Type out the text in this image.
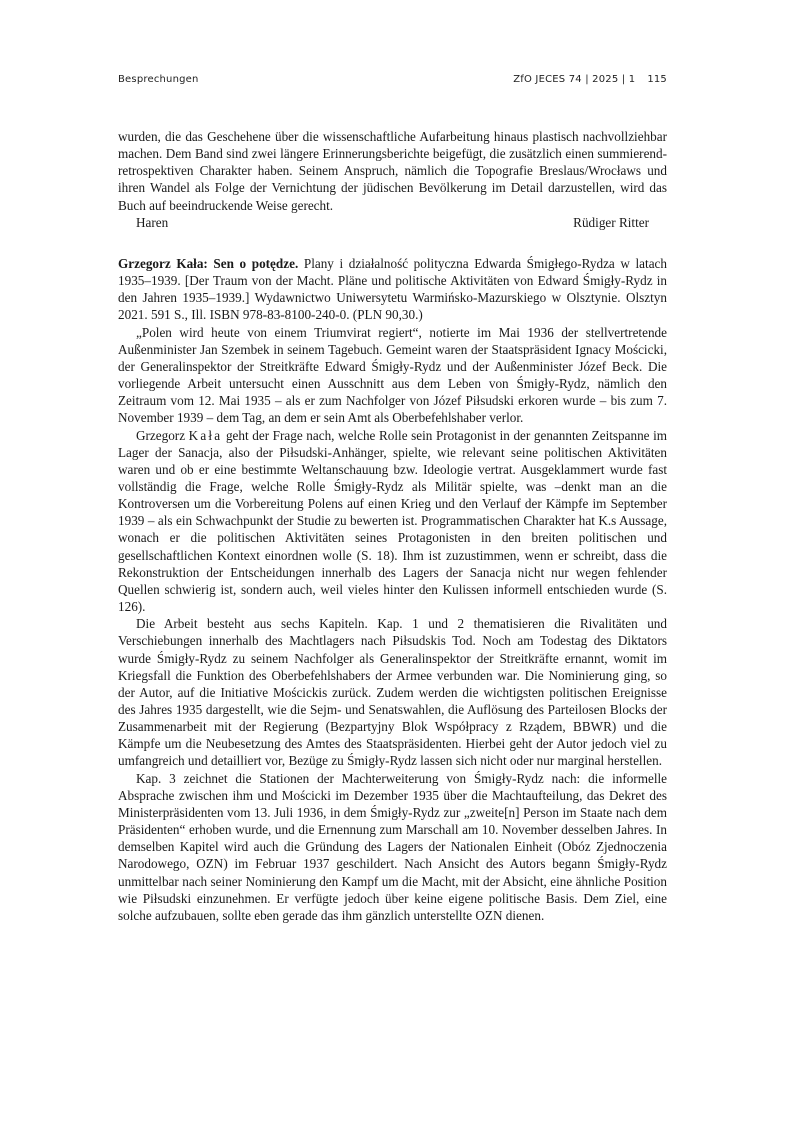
Besprechungen	ZfO JECES 74 | 2025 | 1 115

wurden, die das Geschehene über die wissenschaftliche Aufarbeitung hinaus plastisch nachvollziehbar machen. Dem Band sind zwei längere Erinnerungsberichte beigefügt, die zusätzlich einen summierend-retrospektiven Charakter haben. Seinem Anspruch, nämlich die Topografie Breslaus/Wrocławs und ihren Wandel als Folge der Vernichtung der jüdischen Bevölkerung im Detail darzustellen, wird das Buch auf beeindruckende Weise gerecht.

Haren	Rüdiger Ritter

Grzegorz Kała: Sen o potędze. Plany i działalność polityczna Edwarda Śmigłego-Rydza w latach 1935–1939. [Der Traum von der Macht. Pläne und politische Aktivitäten von Edward Śmigły-Rydz in den Jahren 1935–1939.] Wydawnictwo Uniwersytetu Warmińsko-Mazurskiego w Olsztynie. Olsztyn 2021. 591 S., Ill. ISBN 978-83-8100-240-0. (PLN 90,30.)

„Polen wird heute von einem Triumvirat regiert“, notierte im Mai 1936 der stellvertretende Außenminister Jan Szembek in seinem Tagebuch. Gemeint waren der Staatspräsident Ignacy Mościcki, der Generalinspektor der Streitkräfte Edward Śmigły-Rydz und der Außenminister Józef Beck. Die vorliegende Arbeit untersucht einen Ausschnitt aus dem Leben von Śmigły-Rydz, nämlich den Zeitraum vom 12. Mai 1935 – als er zum Nachfolger von Józef Piłsudski erkoren wurde – bis zum 7. November 1939 – dem Tag, an dem er sein Amt als Oberbefehlshaber verlor.

Grzegorz Kała geht der Frage nach, welche Rolle sein Protagonist in der genannten Zeitspanne im Lager der Sanacja, also der Piłsudski-Anhänger, spielte, wie relevant seine politischen Aktivitäten waren und ob er eine bestimmte Weltanschauung bzw. Ideologie vertrat. Ausgeklammert wurde fast vollständig die Frage, welche Rolle Śmigły-Rydz als Militär spielte, was –denkt man an die Kontroversen um die Vorbereitung Polens auf einen Krieg und den Verlauf der Kämpfe im September 1939 – als ein Schwachpunkt der Studie zu bewerten ist. Programmatischen Charakter hat K.s Aussage, wonach er die politischen Aktivitäten seines Protagonisten in den breiten politischen und gesellschaftlichen Kontext einordnen wolle (S. 18). Ihm ist zuzustimmen, wenn er schreibt, dass die Rekonstruktion der Entscheidungen innerhalb des Lagers der Sanacja nicht nur wegen fehlender Quellen schwierig ist, sondern auch, weil vieles hinter den Kulissen informell entschieden wurde (S. 126).

Die Arbeit besteht aus sechs Kapiteln. Kap. 1 und 2 thematisieren die Rivalitäten und Verschiebungen innerhalb des Machtlagers nach Piłsudskis Tod. Noch am Todestag des Diktators wurde Śmigły-Rydz zu seinem Nachfolger als Generalinspektor der Streitkräfte ernannt, womit im Kriegsfall die Funktion des Oberbefehlshabers der Armee verbunden war. Die Nominierung ging, so der Autor, auf die Initiative Mościckis zurück. Zudem werden die wichtigsten politischen Ereignisse des Jahres 1935 dargestellt, wie die Sejm- und Senatswahlen, die Auflösung des Parteilosen Blocks der Zusammenarbeit mit der Regierung (Bezpartyjny Blok Współpracy z Rządem, BBWR) und die Kämpfe um die Neubesetzung des Amtes des Staatspräsidenten. Hierbei geht der Autor jedoch viel zu umfangreich und detailliert vor, Bezüge zu Śmigły-Rydz lassen sich nicht oder nur marginal herstellen.

Kap. 3 zeichnet die Stationen der Machterweiterung von Śmigły-Rydz nach: die informelle Absprache zwischen ihm und Mościcki im Dezember 1935 über die Machtaufteilung, das Dekret des Ministerpräsidenten vom 13. Juli 1936, in dem Śmigły-Rydz zur „zweite[n] Person im Staate nach dem Präsidenten“ erhoben wurde, und die Ernennung zum Marschall am 10. November desselben Jahres. In demselben Kapitel wird auch die Gründung des Lagers der Nationalen Einheit (Obóz Zjednoczenia Narodowego, OZN) im Februar 1937 geschildert. Nach Ansicht des Autors begann Śmigły-Rydz unmittelbar nach seiner Nominierung den Kampf um die Macht, mit der Absicht, eine ähnliche Position wie Piłsudski einzunehmen. Er verfügte jedoch über keine eigene politische Basis. Dem Ziel, eine solche aufzubauen, sollte eben gerade das ihm gänzlich unterstellte OZN dienen.
